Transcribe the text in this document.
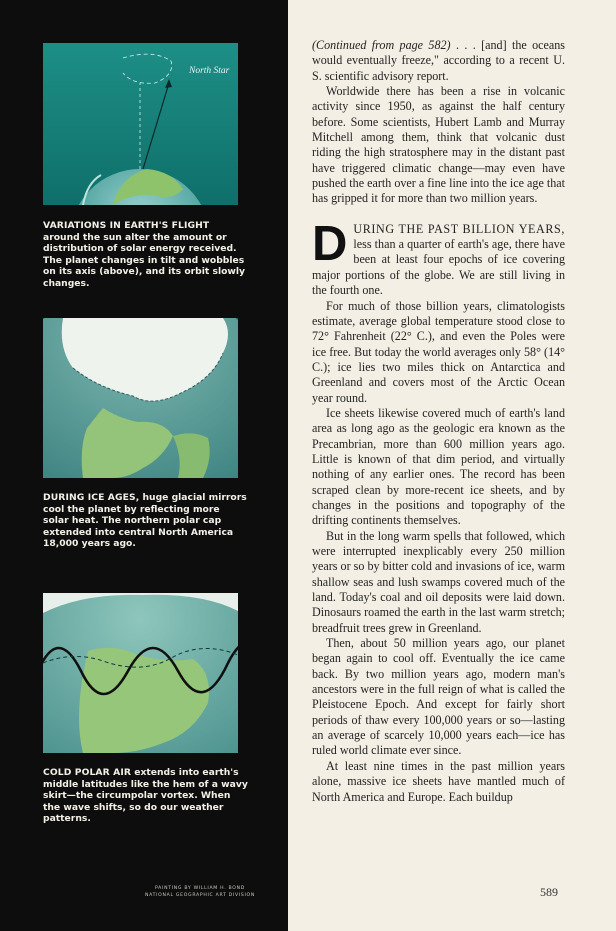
North Star
VARIATIONS IN EARTH'S FLIGHT
around the sun alter the amount or distribution of solar energy received. The planet changes in tilt and wobbles on its axis (above), and its orbit slowly changes.
DURING ICE AGES, huge glacial mirrors cool the planet by reflecting more solar heat. The northern polar cap extended into central North America 18,000 years ago.
COLD POLAR AIR extends into earth's middle latitudes like the hem of a wavy skirt—the circumpolar vortex. When the wave shifts, so do our weather patterns.
PAINTING BY WILLIAM H. BOND
NATIONAL GEOGRAPHIC ART DIVISION

(Continued from page 582) . . . [and] the oceans would eventually freeze," according to a recent U. S. scientific advisory report.

Worldwide there has been a rise in volcanic activity since 1950, as against the half century before. Some scientists, Hubert Lamb and Murray Mitchell among them, think that volcanic dust riding the high stratosphere may in the distant past have triggered climatic change—may even have pushed the earth over a fine line into the ice age that has gripped it for more than two million years.

DURING THE PAST BILLION YEARS, less than a quarter of earth's age, there have been at least four epochs of ice covering major portions of the globe. We are still living in the fourth one.

For much of those billion years, climatologists estimate, average global temperature stood close to 72° Fahrenheit (22° C.), and even the Poles were ice free. But today the world averages only 58° (14° C.); ice lies two miles thick on Antarctica and Greenland and covers most of the Arctic Ocean year round.

Ice sheets likewise covered much of earth's land area as long ago as the geologic era known as the Precambrian, more than 600 million years ago. Little is known of that dim period, and virtually nothing of any earlier ones. The record has been scraped clean by more-recent ice sheets, and by changes in the positions and topography of the drifting continents themselves.

But in the long warm spells that followed, which were interrupted inexplicably every 250 million years or so by bitter cold and invasions of ice, warm shallow seas and lush swamps covered much of the land. Today's coal and oil deposits were laid down. Dinosaurs roamed the earth in the last warm stretch; breadfruit trees grew in Greenland.

Then, about 50 million years ago, our planet began again to cool off. Eventually the ice came back. By two million years ago, modern man's ancestors were in the full reign of what is called the Pleistocene Epoch. And except for fairly short periods of thaw every 100,000 years or so—lasting an average of scarcely 10,000 years each—ice has ruled world climate ever since.

At least nine times in the past million years alone, massive ice sheets have mantled much of North America and Europe. Each buildup

589
